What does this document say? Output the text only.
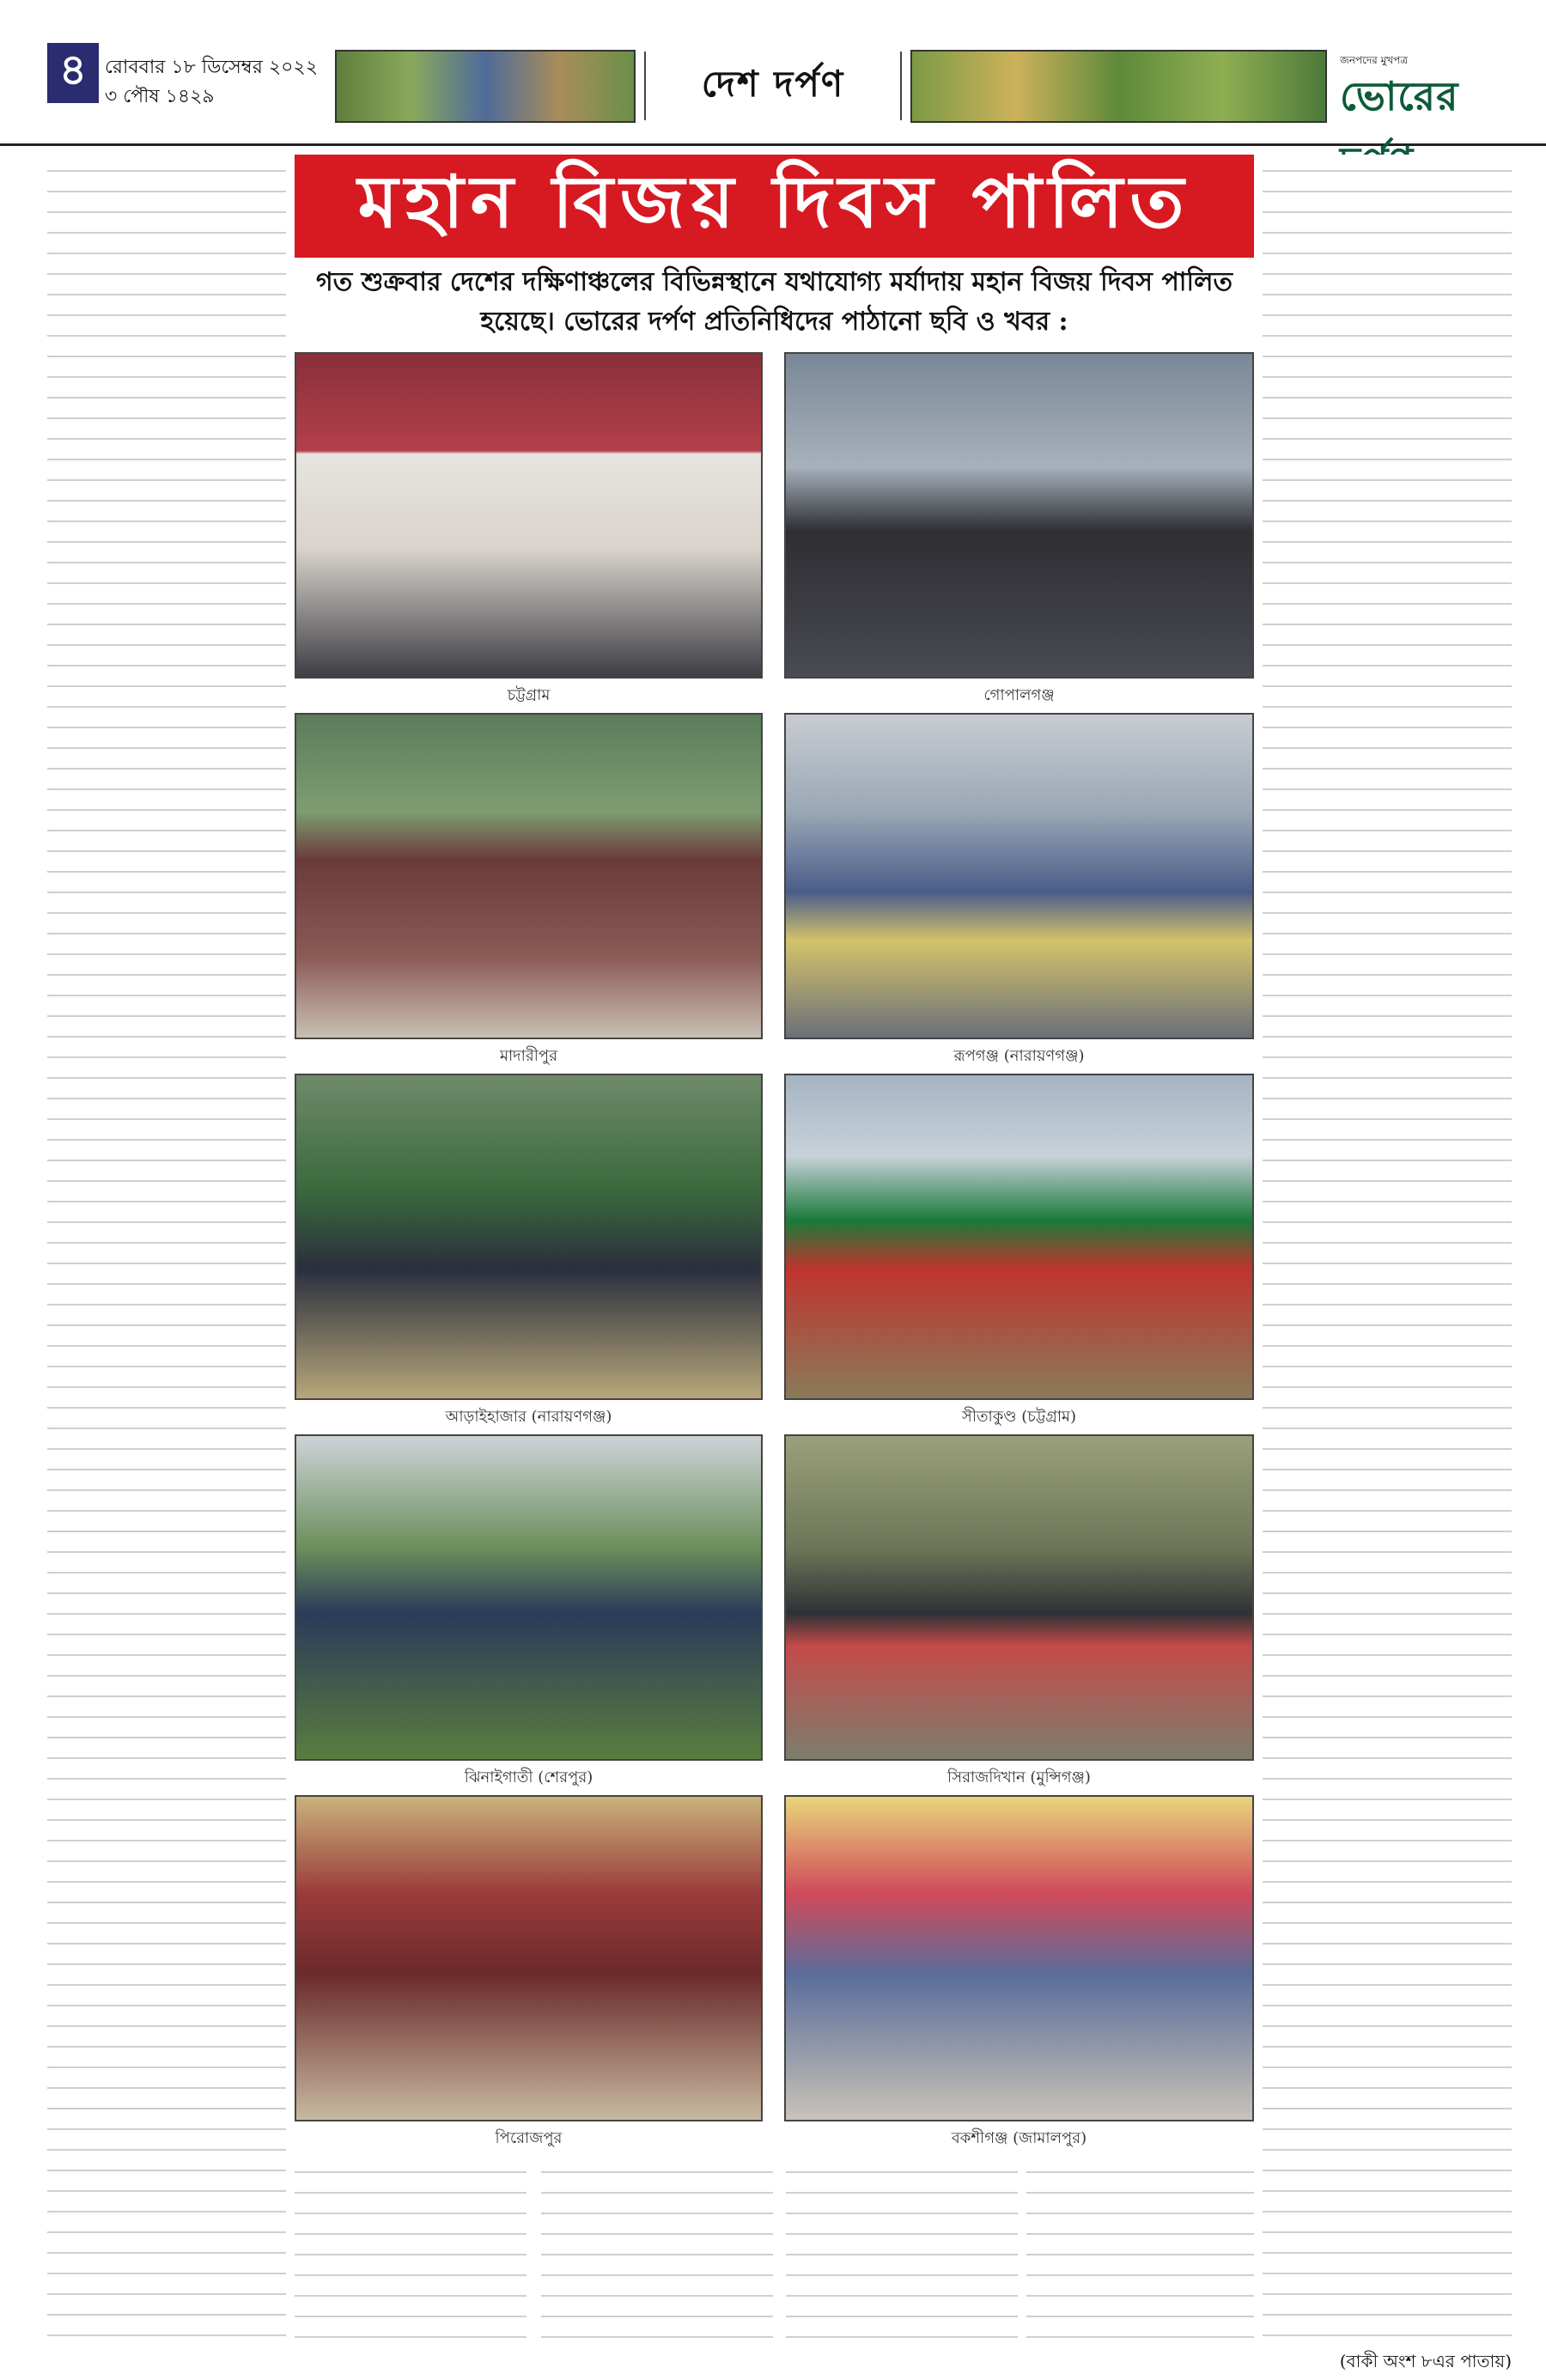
৪ রোববার ১৮ ডিসেম্বর ২০২২
৩ পৌষ ১৪২৯	দেশ দর্পণ
জনপদের মুখপত্র
ভোরের
মহান বিজয় দিবস পালিত
গত শুক্রবার দেশের দক্ষিণাঞ্চলের বিভিন্নস্থানে যথাযোগ্য মর্যাদায় মহান বিজয় দিবস পালিত হয়েছে। ভোরের দর্পণ প্রতিনিধিদের পাঠানো ছবি ও খবর :
চট্টগ্রাম	গোপালগঞ্জ
মাদারীপুর	রূপগঞ্জ (নারায়ণগঞ্জ)
আড়াইহাজার (নারায়ণগঞ্জ)	সীতাকুণ্ড (চট্টগ্রাম)
ঝিনাইগাতী (শেরপুর)	সিরাজদিখান (মুন্সিগঞ্জ)
পিরোজপুর	বকশীগঞ্জ (জামালপুর)
(বাকী অংশ ৮এর পাতায়)
